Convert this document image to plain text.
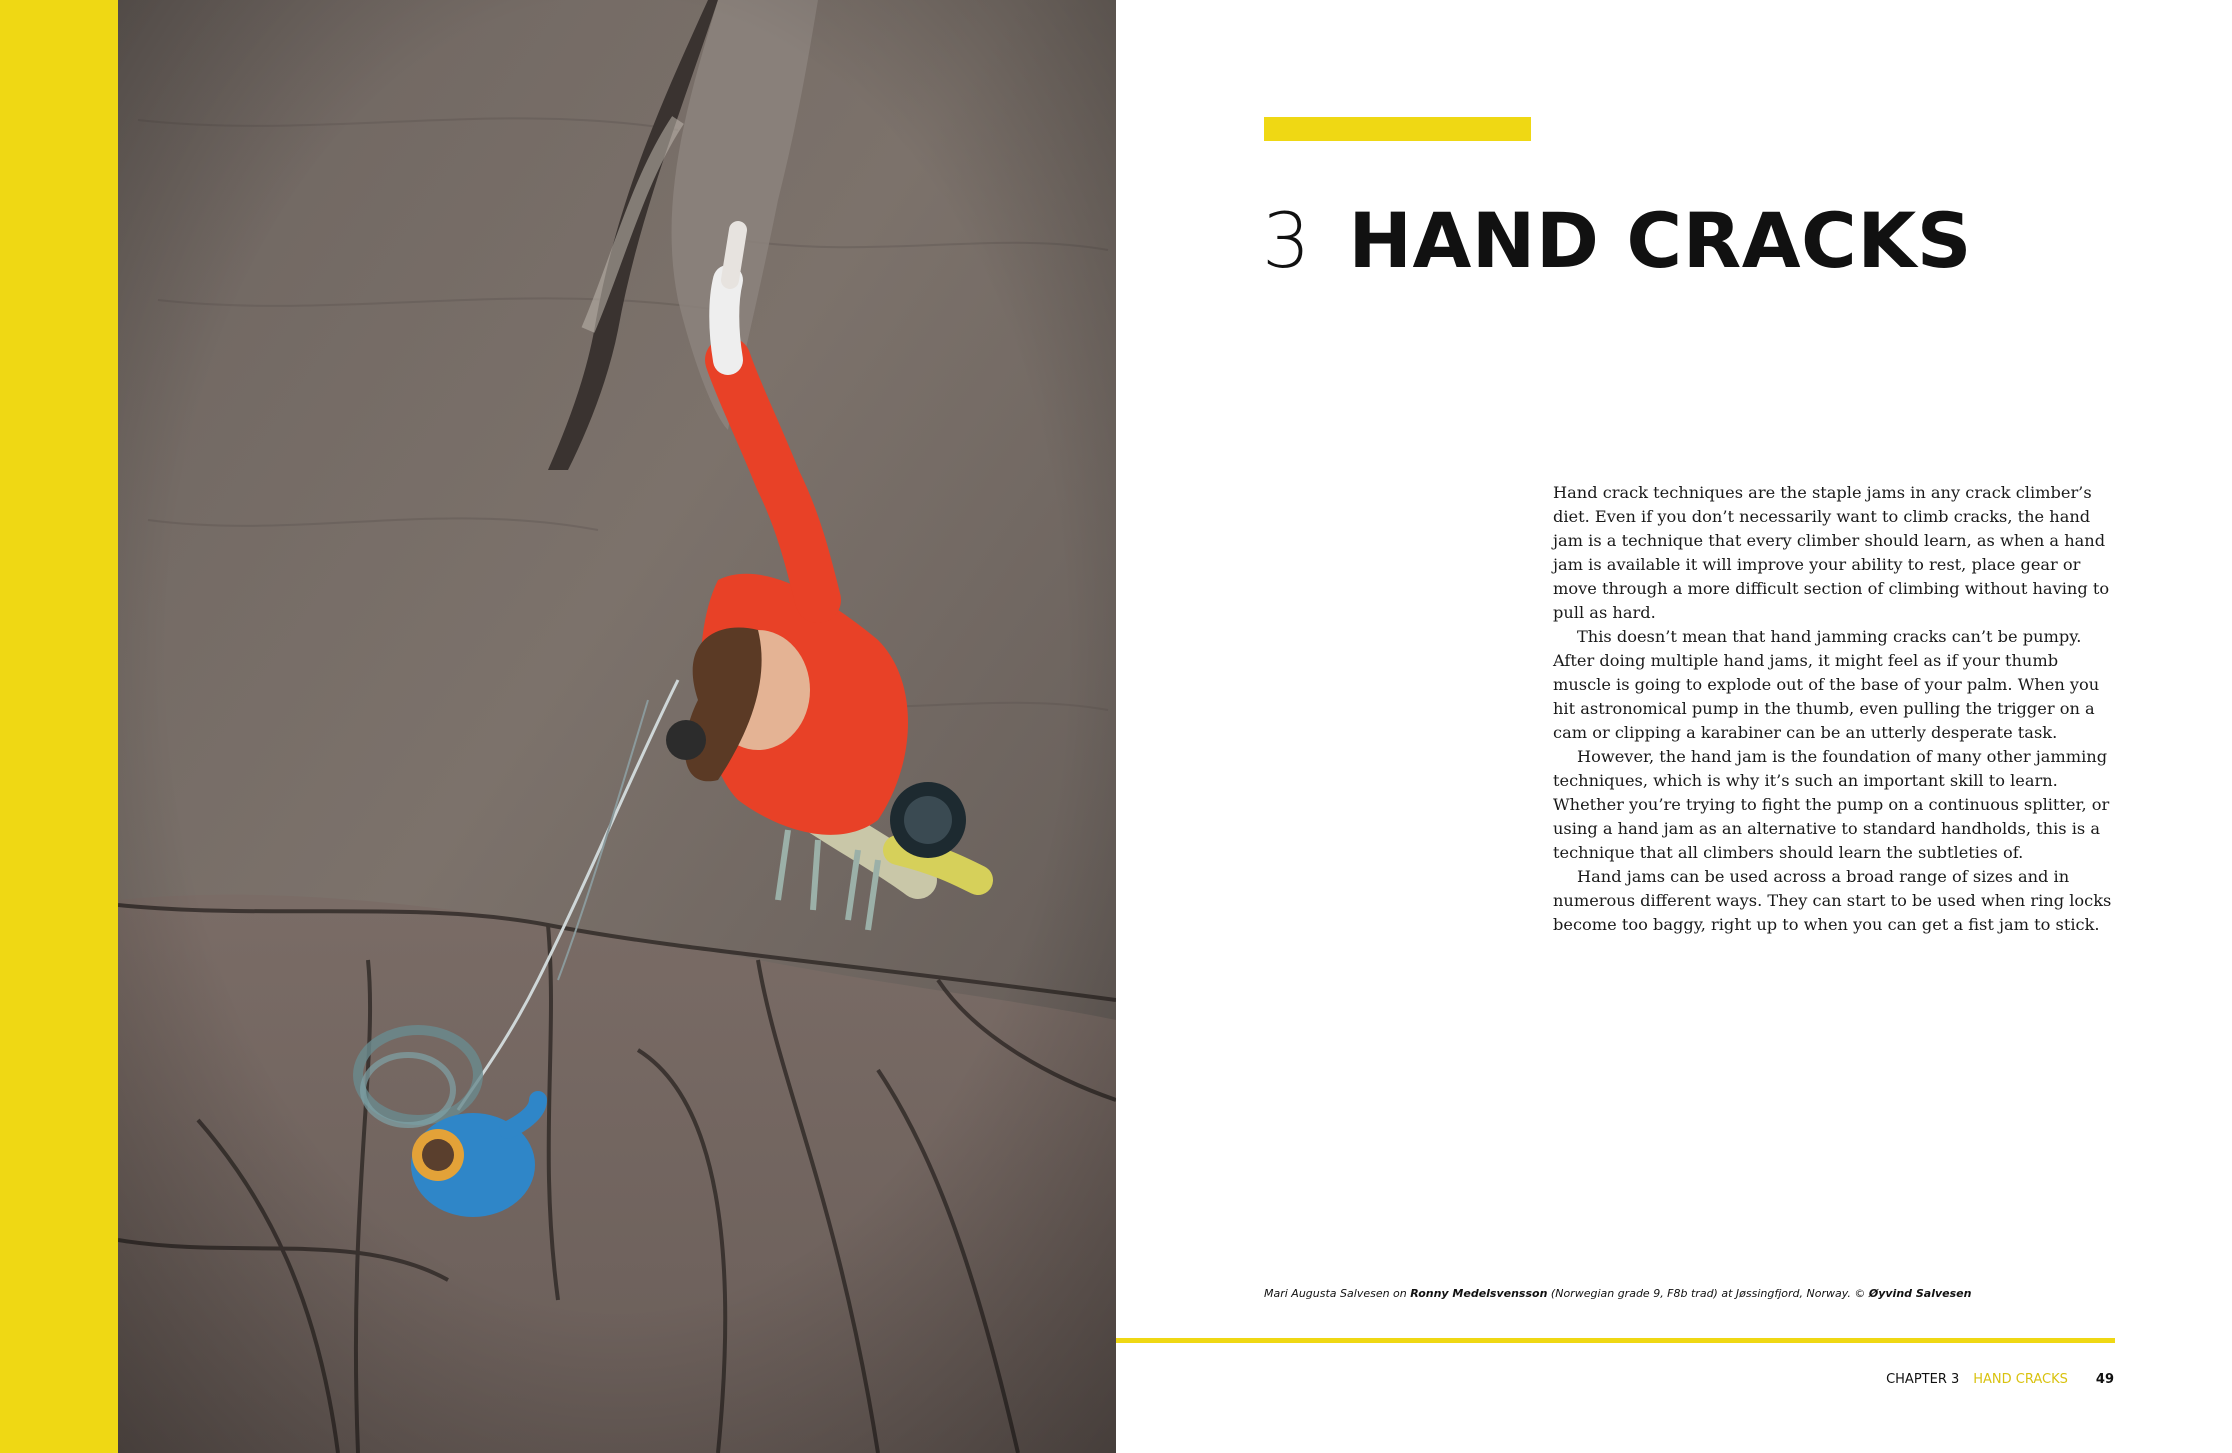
3 HAND CRACKS

Hand crack techniques are the staple jams in any crack climber’s diet. Even if you don’t necessarily want to climb cracks, the hand jam is a technique that every climber should learn, as when a hand jam is available it will improve your ability to rest, place gear or move through a more difficult section of climbing without having to pull as hard.

This doesn’t mean that hand jamming cracks can’t be pumpy. After doing multiple hand jams, it might feel as if your thumb muscle is going to explode out of the base of your palm. When you hit astronomical pump in the thumb, even pulling the trigger on a cam or clipping a karabiner can be an utterly desperate task.

However, the hand jam is the foundation of many other jamming techniques, which is why it’s such an important skill to learn. Whether you’re trying to fight the pump on a continuous splitter, or using a hand jam as an alternative to standard handholds, this is a technique that all climbers should learn the subtleties of.

Hand jams can be used across a broad range of sizes and in numerous different ways. They can start to be used when ring locks become too baggy, right up to when you can get a fist jam to stick.

Mari Augusta Salvesen on Ronny Medelsvensson (Norwegian grade 9, F8b trad) at Jøssingfjord, Norway. © Øyvind Salvesen
CHAPTER 3 HAND CRACKS 49
